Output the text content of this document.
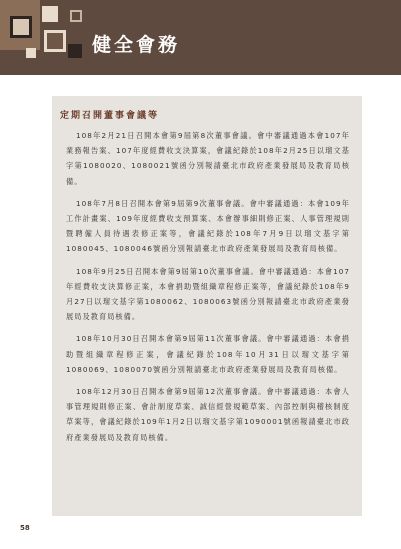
健全會務
定期召開董事會議等

108年2月21日召開本會第9屆第8次董事會議。會中審議通過本會107年業務報告案、107年度經費收支決算案，會議紀錄於108年2月25日以瑠文基字第1080020、1080021號函分別報請臺北市政府產業發展局及教育局核備。

108年7月8日召開本會第9屆第9次董事會議。會中審議通過：本會109年工作計畫案、109年度經費收支預算案、本會辦事細則修正案、人事管理規則暨聘僱人員待遇表修正案等，會議紀錄於108年7月9日以瑠文基字第1080045、1080046號函分別報請臺北市政府產業發展局及教育局核備。

108年9月25日召開本會第9屆第10次董事會議。會中審議通過：本會107年經費收支決算修正案，本會捐助暨組織章程修正案等，會議紀錄於108年9月27日以瑠文基字第1080062、1080063號函分別報請臺北市政府產業發展局及教育局核備。

108年10月30日召開本會第9屆第11次董事會議。會中審議通過：本會捐助暨組織章程修正案，會議紀錄於108年10月31日以瑠文基字第1080069、1080070號函分別報請臺北市政府產業發展局及教育局核備。

108年12月30日召開本會第9屆第12次董事會議。會中審議通過：本會人事管理規則修正案、會計制度草案、誠信經營規範草案、內部控制與稽核制度草案等，會議紀錄於109年1月2日以瑠文基字第1090001號函報請臺北市政府產業發展局及教育局核備。

58
